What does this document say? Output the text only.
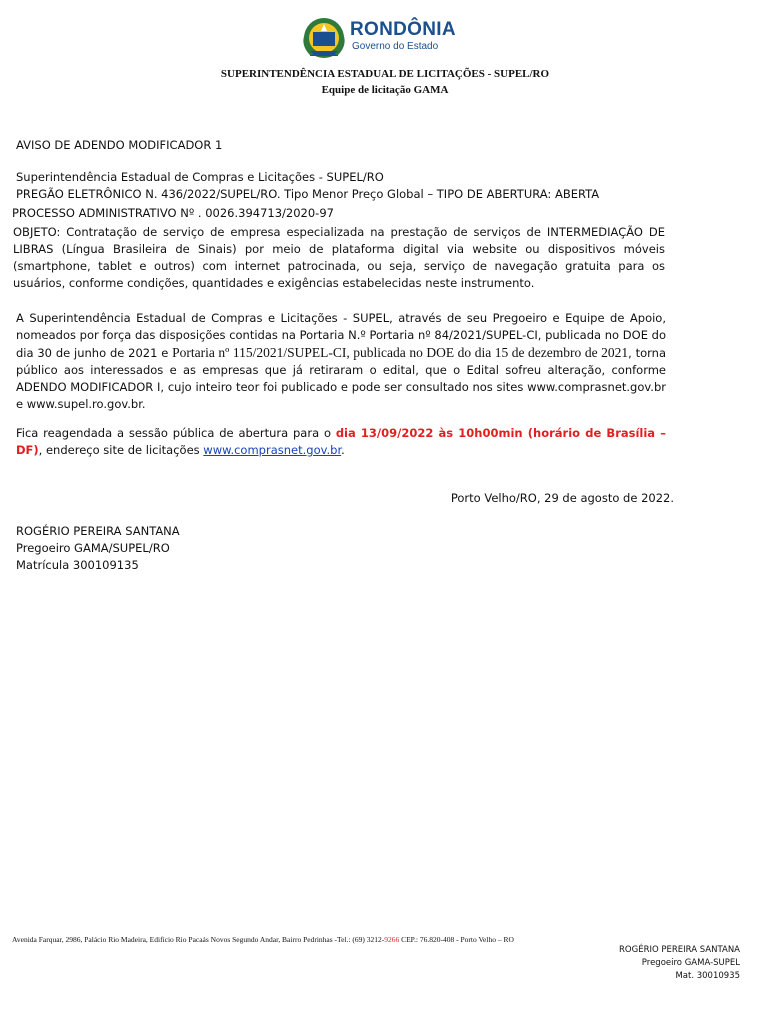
RONDÔNIA
Governo do Estado
SUPERINTENDÊNCIA ESTADUAL DE LICITAÇÕES - SUPEL/RO
Equipe de licitação GAMA
AVISO DE ADENDO MODIFICADOR 1
Superintendência Estadual de Compras e Licitações - SUPEL/RO
PREGÃO ELETRÔNICO N. 436/2022/SUPEL/RO. Tipo Menor Preço Global – TIPO DE ABERTURA: ABERTA
PROCESSO ADMINISTRATIVO Nº . 0026.394713/2020-97
OBJETO: Contratação de serviço de empresa especializada na prestação de serviços de INTERMEDIAÇÃO DE LIBRAS (Língua Brasileira de Sinais) por meio de plataforma digital via website ou dispositivos móveis (smartphone, tablet e outros) com internet patrocinada, ou seja, serviço de navegação gratuita para os usuários, conforme condições, quantidades e exigências estabelecidas neste instrumento.
A Superintendência Estadual de Compras e Licitações - SUPEL, através de seu Pregoeiro e Equipe de Apoio, nomeados por força das disposições contidas na Portaria N.º Portaria nº 84/2021/SUPEL-CI, publicada no DOE do dia 30 de junho de 2021 e Portaria nº 115/2021/SUPEL-CI, publicada no DOE do dia 15 de dezembro de 2021, torna público aos interessados e as empresas que já retiraram o edital, que o Edital sofreu alteração, conforme ADENDO MODIFICADOR I, cujo inteiro teor foi publicado e pode ser consultado nos sites www.comprasnet.gov.br e www.supel.ro.gov.br.
Fica reagendada a sessão pública de abertura para o dia 13/09/2022 às 10h00min (horário de Brasília – DF), endereço site de licitações www.comprasnet.gov.br.
Porto Velho/RO, 29 de agosto de 2022.
ROGÉRIO PEREIRA SANTANA
Pregoeiro GAMA/SUPEL/RO
Matrícula 300109135
Avenida Farquar, 2986, Palácio Rio Madeira, Edifício Rio Pacaás Novos Segundo Andar, Bairro Pedrinhas -Tel.: (69) 3212-9266 CEP.: 76.820-408 - Porto Velho – RO
ROGÉRIO PEREIRA SANTANA
Pregoeiro GAMA-SUPEL
Mat. 30010935
